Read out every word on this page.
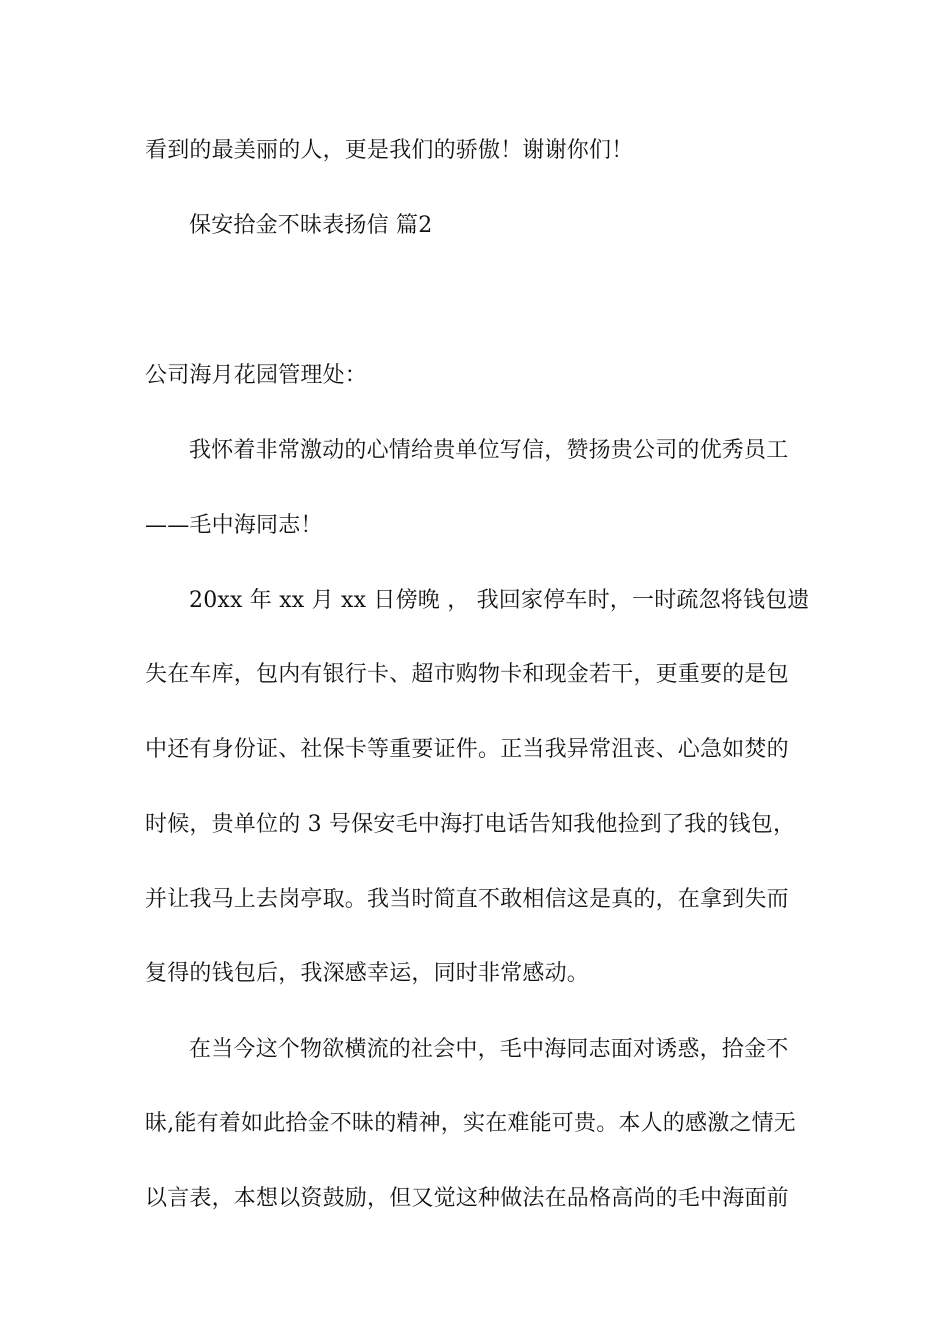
看到的最美丽的人，更是我们的骄傲！谢谢你们！
保安拾金不昧表扬信 篇2
公司海月花园管理处：
我怀着非常激动的心情给贵单位写信，赞扬贵公司的优秀员工
——毛中海同志！
20xx 年 xx 月 xx 日傍晚 ， 我回家停车时，一时疏忽将钱包遗
失在车库，包内有银行卡、超市购物卡和现金若干，更重要的是包
中还有身份证、社保卡等重要证件。正当我异常沮丧、心急如焚的
时候，贵单位的 3 号保安毛中海打电话告知我他捡到了我的钱包，
并让我马上去岗亭取。我当时简直不敢相信这是真的，在拿到失而
复得的钱包后，我深感幸运，同时非常感动。
在当今这个物欲横流的社会中，毛中海同志面对诱惑，拾金不
昧,能有着如此拾金不昧的精神，实在难能可贵。本人的感激之情无
以言表，本想以资鼓励，但又觉这种做法在品格高尚的毛中海面前
